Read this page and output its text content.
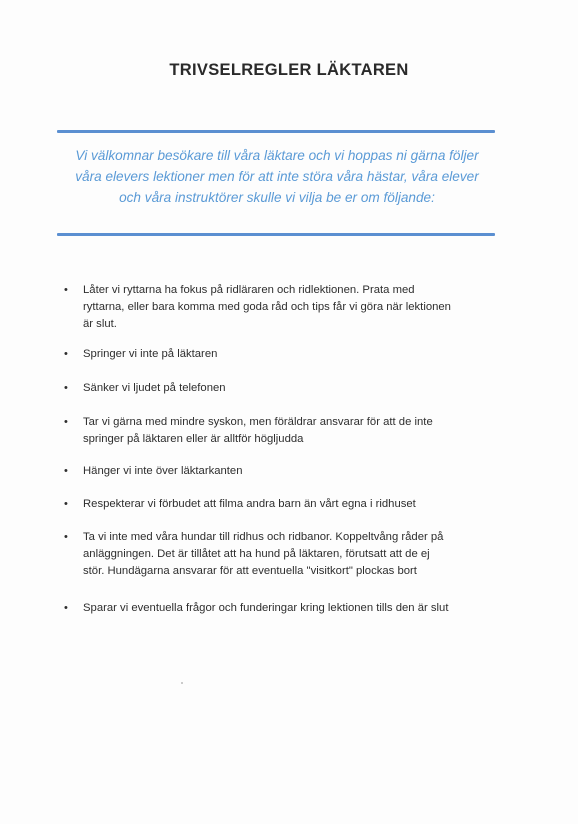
TRIVSELREGLER LÄKTAREN
Vi välkomnar besökare till våra läktare och vi hoppas ni gärna följer
våra elevers lektioner men för att inte störa våra hästar, våra elever
och våra instruktörer skulle vi vilja be er om följande:
•	Låter vi ryttarna ha fokus på ridläraren och ridlektionen. Prata med
ryttarna, eller bara komma med goda råd och tips får vi göra när lektionen
är slut.
•	Springer vi inte på läktaren
•	Sänker vi ljudet på telefonen
•	Tar vi gärna med mindre syskon, men föräldrar ansvarar för att de inte
springer på läktaren eller är alltför högljudda
•	Hänger vi inte över läktarkanten
•	Respekterar vi förbudet att filma andra barn än vårt egna i ridhuset
•	Ta vi inte med våra hundar till ridhus och ridbanor. Koppeltvång råder på
anläggningen. Det är tillåtet att ha hund på läktaren, förutsatt att de ej
stör. Hundägarna ansvarar för att eventuella "visitkort" plockas bort
•	Sparar vi eventuella frågor och funderingar kring lektionen tills den är slut
